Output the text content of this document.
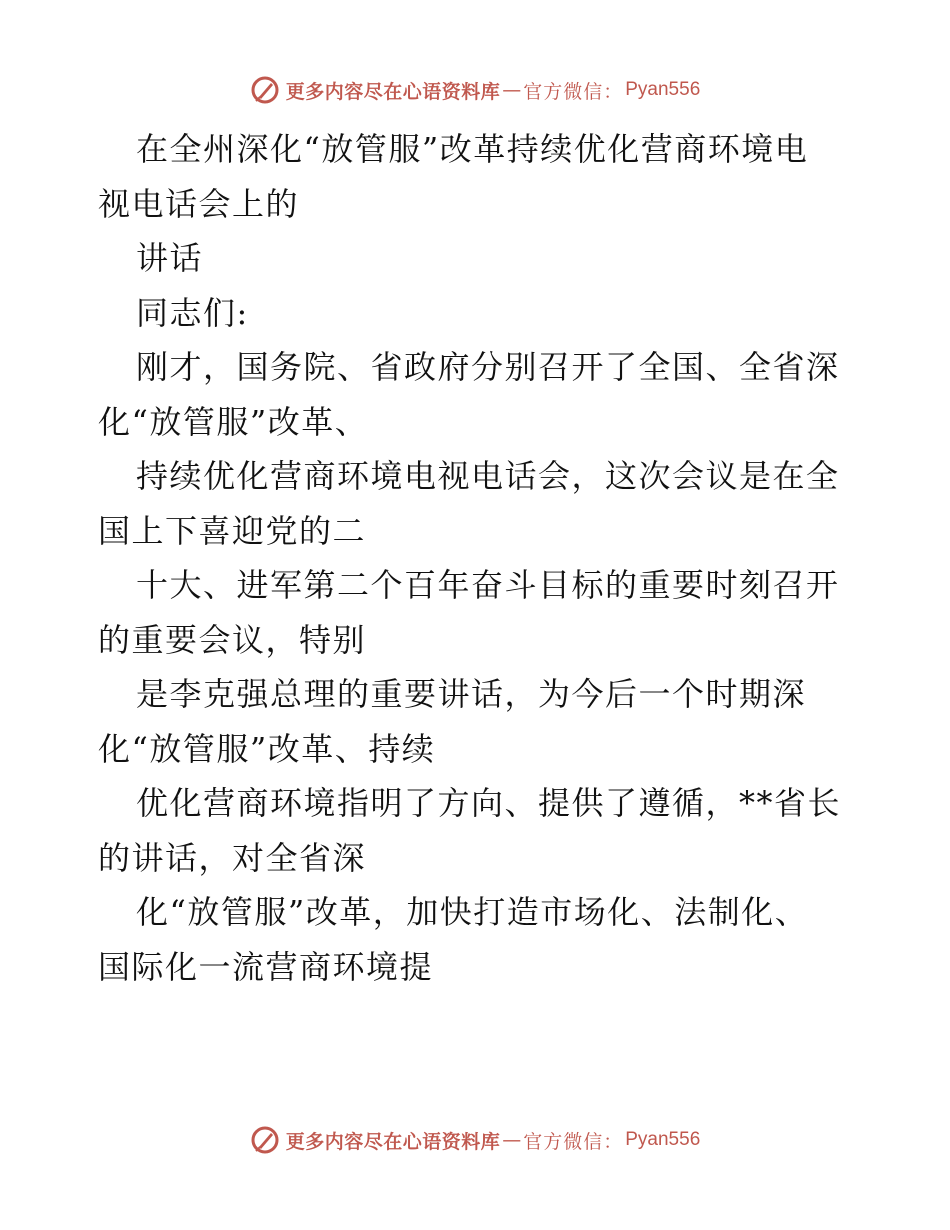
更多内容尽在心语资料库 — 官方微信： Pyan556
在全州深化“放管服”改革持续优化营商环境电
视电话会上的
讲话
同志们:
刚才，国务院、省政府分别召开了全国、全省深
化“放管服”改革、
持续优化营商环境电视电话会，这次会议是在全
国上下喜迎党的二
十大、进军第二个百年奋斗目标的重要时刻召开
的重要会议，特别
是李克强总理的重要讲话，为今后一个时期深
化“放管服”改革、持续
优化营商环境指明了方向、提供了遵循，**省长
的讲话，对全省深
化“放管服”改革，加快打造市场化、法制化、
国际化一流营商环境提
更多内容尽在心语资料库 — 官方微信： Pyan556
